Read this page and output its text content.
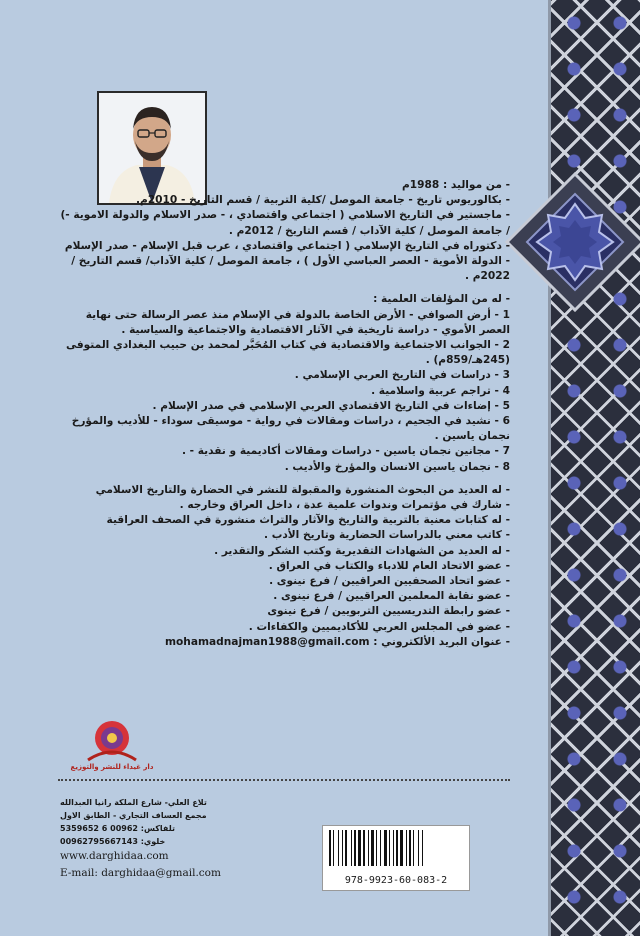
- من مواليد : 1988م

- بكالوريوس تاريخ - جامعة الموصل /كلية التربية / قسم التاريخ - 2010م.

- ماجستير في التاريخ الاسلامي ( اجتماعي واقتصادي ، - صدر الاسلام والدولة الاموية -) / جامعة الموصل / كلية الآداب / قسم التاريخ / 2012م .

- دكتوراه في التاريخ الإسلامي ( اجتماعي واقتصادي ، عرب قبل الإسلام - صدر الإسلام - الدولة الأموية - العصر العباسي الأول ) ، جامعة الموصل / كلية الآداب/ قسم التاريخ / 2022م .

- له من المؤلفات العلمية :

1 - أرض الصوافي - الأرض الخاصة بالدولة في الإسلام منذ عصر الرسالة حتى نهاية العصر الأموي - دراسة تاريخية في الآثار الاقتصادية والاجتماعية والسياسية .

2 - الجوانب الاجتماعية والاقتصادية في كتاب المُحَبَّر لمحمد بن حبيب البغدادي المتوفى (245هـ/859م) .

3 - دراسات في التاريخ العربي الإسلامي .

4 - تراجم عربية واسلامية .

5 - إضاءات في التاريخ الاقتصادي العربي الإسلامي في صدر الإسلام .

6 - نشيد في الجحيم ، دراسات ومقالات في رواية - موسيقى سوداء - للأديب والمؤرخ نجمان ياسين .

7 - مجانين نجمان ياسين - دراسات ومقالات أكاديمية و نقدية - .

8 - نجمان ياسين الانسان والمؤرخ والأديب .

- له العديد من البحوث المنشورة والمقبولة للنشر في الحضارة والتاريخ الاسلامي

- شارك في مؤتمرات وندوات علمية عدة ، داخل العراق وخارجه .

- له كتابات معنية بالتربية والتاريخ والآثار والتراث منشورة في الصحف العراقية

- كاتب معني بالدراسات الحضارية وتاريخ الأدب .

- له العديد من الشهادات التقديرية وكتب الشكر والتقدير .

- عضو الاتحاد العام للادباء والكتاب في العراق .

- عضو اتحاد الصحفيين العراقيين / فرع نينوى .

- عضو نقابة المعلمين العراقيين / فرع نينوى .

- عضو رابطة التدريسيين التربويين / فرع نينوى

- عضو في المجلس العربي للأكاديميين والكفاءات .

- عنوان البريد الألكتروني : mohamadnajman1988@gmail.com

دار غيداء للنشر والتوزيع
تلاع العلي- شارع الملكة رانيا العبدالله
مجمع العساف التجاري - الطابق الاول
تلفاكس: 00962 6 5359652
خلوي: 00962795667143
www.darghidaa.com
E-mail: darghidaa@gmail.com
978-9923-60-083-2
